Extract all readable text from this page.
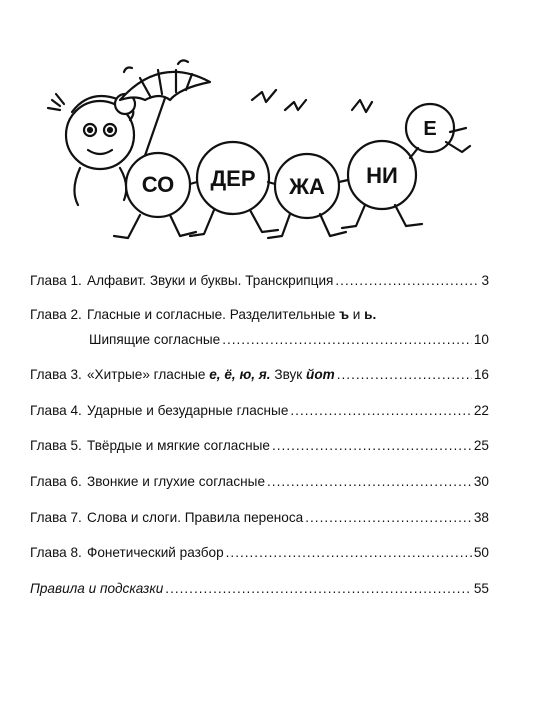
СО ДЕР ЖА НИ
Е
Глава 1. Алфавит. Звуки и буквы. Транскрипция .....	3
Глава 2. Гласные и согласные. Разделительные ъ и ь.
Шипящие согласные .....	10
Глава 3. «Хитрые» гласные е, ё, ю, я. Звук йот .....	16
Глава 4. Ударные и безударные гласные .....	22
Глава 5. Твёрдые и мягкие согласные .....	25
Глава 6. Звонкие и глухие согласные .....	30
Глава 7. Слова и слоги. Правила переноса .....	38
Глава 8. Фонетический разбор .....	50
Правила и подсказки .....	55
